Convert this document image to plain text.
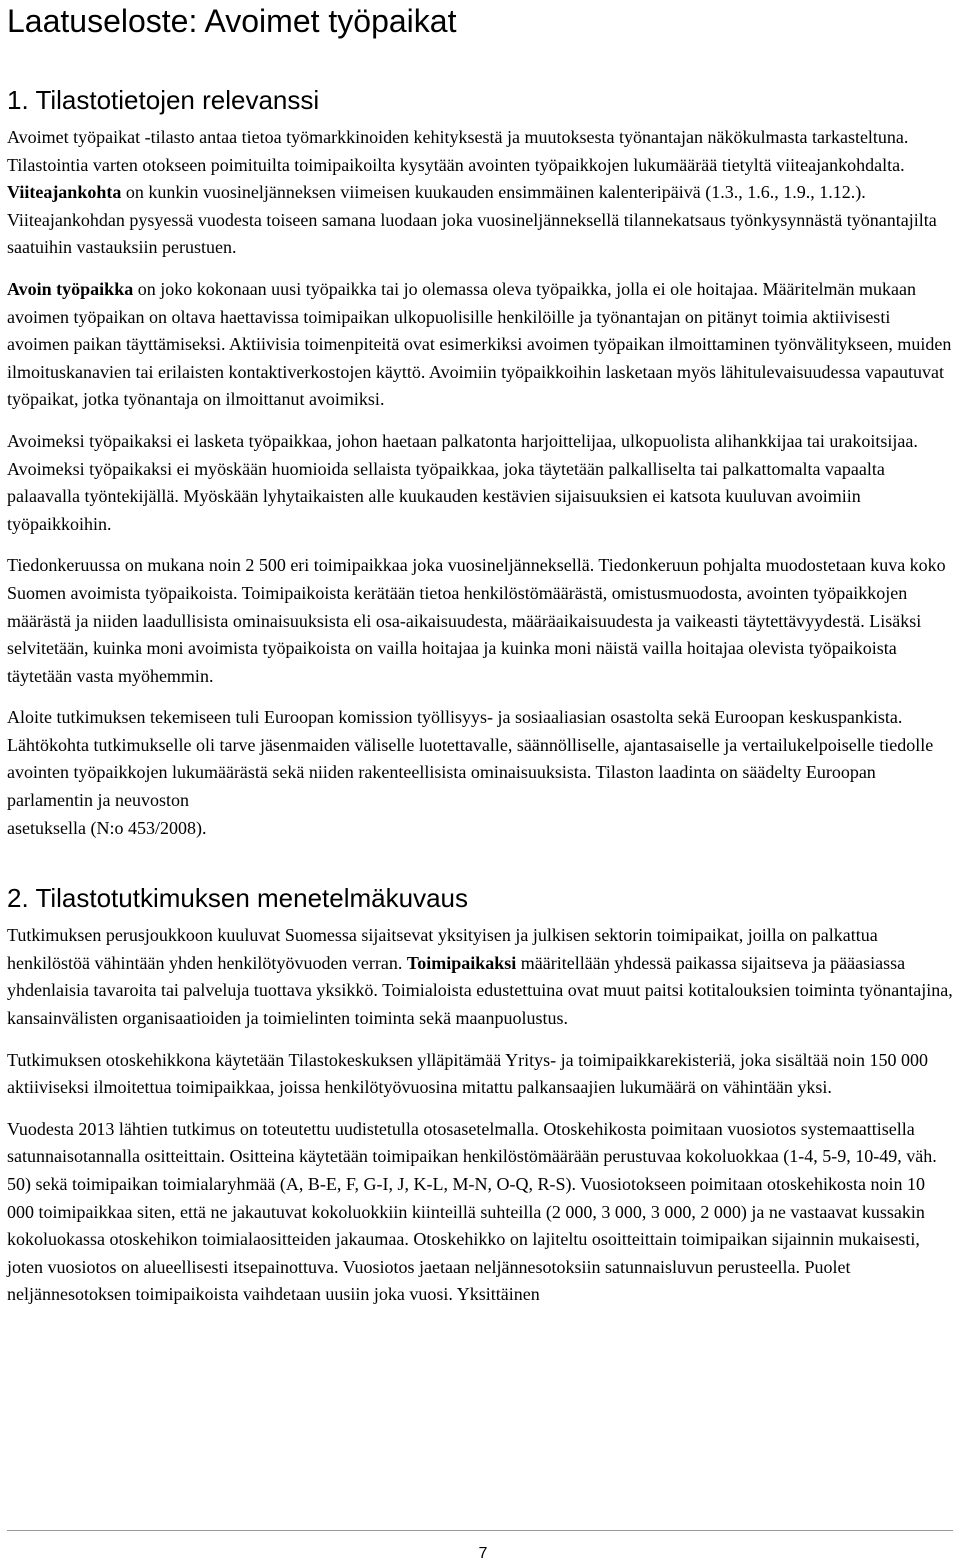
Laatuseloste: Avoimet työpaikat
1. Tilastotietojen relevanssi

Avoimet työpaikat -tilasto antaa tietoa työmarkkinoiden kehityksestä ja muutoksesta työnantajan näkökulmasta tarkasteltuna. Tilastointia varten otokseen poimituilta toimipaikoilta kysytään avointen työpaikkojen lukumäärää tietyltä viiteajankohdalta. Viiteajankohta on kunkin vuosineljänneksen viimeisen kuukauden ensimmäinen kalenteripäivä (1.3., 1.6., 1.9., 1.12.). Viiteajankohdan pysyessä vuodesta toiseen samana luodaan joka vuosineljänneksellä tilannekatsaus työnkysynnästä työnantajilta saatuihin vastauksiin perustuen.

Avoin työpaikka on joko kokonaan uusi työpaikka tai jo olemassa oleva työpaikka, jolla ei ole hoitajaa. Määritelmän mukaan avoimen työpaikan on oltava haettavissa toimipaikan ulkopuolisille henkilöille ja työnantajan on pitänyt toimia aktiivisesti avoimen paikan täyttämiseksi. Aktiivisia toimenpiteitä ovat esimerkiksi avoimen työpaikan ilmoittaminen työnvälitykseen, muiden ilmoituskanavien tai erilaisten kontaktiverkostojen käyttö. Avoimiin työpaikkoihin lasketaan myös lähitulevaisuudessa vapautuvat työpaikat, jotka työnantaja on ilmoittanut avoimiksi.

Avoimeksi työpaikaksi ei lasketa työpaikkaa, johon haetaan palkatonta harjoittelijaa, ulkopuolista alihankkijaa tai urakoitsijaa. Avoimeksi työpaikaksi ei myöskään huomioida sellaista työpaikkaa, joka täytetään palkalliselta tai palkattomalta vapaalta palaavalla työntekijällä. Myöskään lyhytaikaisten alle kuukauden kestävien sijaisuuksien ei katsota kuuluvan avoimiin työpaikkoihin.

Tiedonkeruussa on mukana noin 2 500 eri toimipaikkaa joka vuosineljänneksellä. Tiedonkeruun pohjalta muodostetaan kuva koko Suomen avoimista työpaikoista. Toimipaikoista kerätään tietoa henkilöstömäärästä, omistusmuodosta, avointen työpaikkojen määrästä ja niiden laadullisista ominaisuuksista eli osa-aikaisuudesta, määräaikaisuudesta ja vaikeasti täytettävyydestä. Lisäksi selvitetään, kuinka moni avoimista työpaikoista on vailla hoitajaa ja kuinka moni näistä vailla hoitajaa olevista työpaikoista täytetään vasta myöhemmin.

Aloite tutkimuksen tekemiseen tuli Euroopan komission työllisyys- ja sosiaaliasian osastolta sekä Euroopan keskuspankista. Lähtökohta tutkimukselle oli tarve jäsenmaiden väliselle luotettavalle, säännölliselle, ajantasaiselle ja vertailukelpoiselle tiedolle avointen työpaikkojen lukumäärästä sekä niiden rakenteellisista ominaisuuksista. Tilaston laadinta on säädelty Euroopan parlamentin ja neuvoston
asetuksella (N:o 453/2008).

2. Tilastotutkimuksen menetelmäkuvaus

Tutkimuksen perusjoukkoon kuuluvat Suomessa sijaitsevat yksityisen ja julkisen sektorin toimipaikat, joilla on palkattua henkilöstöä vähintään yhden henkilötyövuoden verran. Toimipaikaksi määritellään yhdessä paikassa sijaitseva ja pääasiassa yhdenlaisia tavaroita tai palveluja tuottava yksikkö. Toimialoista edustettuina ovat muut paitsi kotitalouksien toiminta työnantajina, kansainvälisten organisaatioiden ja toimielinten toiminta sekä maanpuolustus.

Tutkimuksen otoskehikkona käytetään Tilastokeskuksen ylläpitämää Yritys- ja toimipaikkarekisteriä, joka sisältää noin 150 000 aktiiviseksi ilmoitettua toimipaikkaa, joissa henkilötyövuosina mitattu palkansaajien lukumäärä on vähintään yksi.

Vuodesta 2013 lähtien tutkimus on toteutettu uudistetulla otosasetelmalla. Otoskehikosta poimitaan vuosiotos systemaattisella satunnaisotannalla ositteittain. Ositteina käytetään toimipaikan henkilöstömäärään perustuvaa kokoluokkaa (1-4, 5-9, 10-49, väh. 50) sekä toimipaikan toimialaryhmää (A, B-E, F, G-I, J, K-L, M-N, O-Q, R-S). Vuosiotokseen poimitaan otoskehikosta noin 10 000 toimipaikkaa siten, että ne jakautuvat kokoluokkiin kiinteillä suhteilla (2 000, 3 000, 3 000, 2 000) ja ne vastaavat kussakin kokoluokassa otoskehikon toimialaositteiden jakaumaa. Otoskehikko on lajiteltu osoitteittain toimipaikan sijainnin mukaisesti, joten vuosiotos on alueellisesti itsepainottuva. Vuosiotos jaetaan neljännesotoksiin satunnaisluvun perusteella. Puolet neljännesotoksen toimipaikoista vaihdetaan uusiin joka vuosi. Yksittäinen

7
